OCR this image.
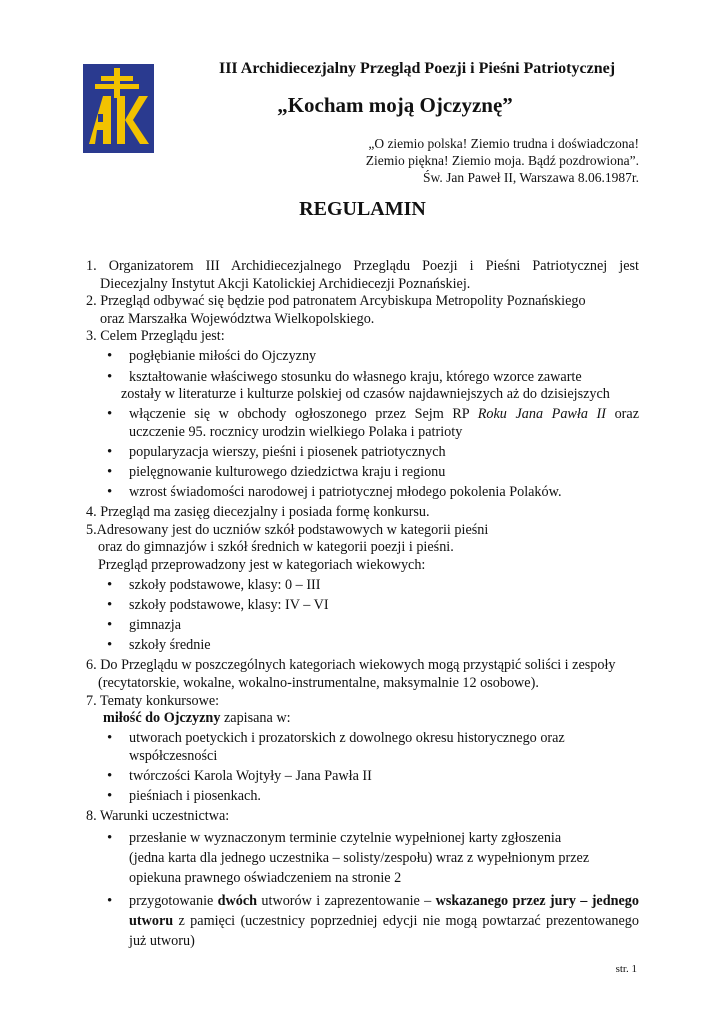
III Archidiecezjalny Przegląd Poezji i Pieśni Patriotycznej
„Kocham moją Ojczyznę”
„O ziemio polska! Ziemio trudna i doświadczona!
Ziemio piękna! Ziemio moja. Bądź pozdrowiona”.
Św. Jan Paweł II, Warszawa 8.06.1987r.
REGULAMIN
1. Organizatorem III Archidiecezjalnego Przeglądu Poezji i Pieśni Patriotycznej jest
Diecezjalny Instytut Akcji Katolickiej Archidiecezji Poznańskiej.
2. Przegląd odbywać się będzie pod patronatem Arcybiskupa Metropolity Poznańskiego
oraz Marszałka Województwa Wielkopolskiego.
3. Celem Przeglądu jest:
• pogłębianie miłości do Ojczyzny
• kształtowanie właściwego stosunku do własnego kraju, którego wzorce zawarte
zostały w literaturze i kulturze polskiej od czasów najdawniejszych aż do dzisiejszych
• włączenie się w obchody ogłoszonego przez Sejm RP Roku Jana Pawła II oraz
uczczenie 95. rocznicy urodzin wielkiego Polaka i patrioty
• popularyzacja wierszy, pieśni i piosenek patriotycznych
• pielęgnowanie kulturowego dziedzictwa kraju i regionu
• wzrost świadomości narodowej i patriotycznej młodego pokolenia Polaków.
4. Przegląd ma zasięg diecezjalny i posiada formę konkursu.
5.Adresowany jest do uczniów szkół podstawowych w kategorii pieśni
oraz do gimnazjów i szkół średnich w kategorii poezji i pieśni.
Przegląd przeprowadzony jest w kategoriach wiekowych:
• szkoły podstawowe, klasy: 0 – III
• szkoły podstawowe, klasy: IV – VI
• gimnazja
• szkoły średnie
6. Do Przeglądu w poszczególnych kategoriach wiekowych mogą przystąpić soliści i zespoły
(recytatorskie, wokalne, wokalno-instrumentalne, maksymalnie 12 osobowe).
7. Tematy konkursowe:
miłość do Ojczyzny zapisana w:
• utworach poetyckich i prozatorskich z dowolnego okresu historycznego oraz
współczesności
• twórczości Karola Wojtyły – Jana Pawła II
• pieśniach i piosenkach.
8. Warunki uczestnictwa:
• przesłanie w wyznaczonym terminie czytelnie wypełnionej karty zgłoszenia
(jedna karta dla jednego uczestnika – solisty/zespołu) wraz z wypełnionym przez
opiekuna prawnego oświadczeniem na stronie 2
• przygotowanie dwóch utworów i zaprezentowanie – wskazanego przez jury – jednego
utworu z pamięci (uczestnicy poprzedniej edycji nie mogą powtarzać prezentowanego
już utworu)
str. 1
